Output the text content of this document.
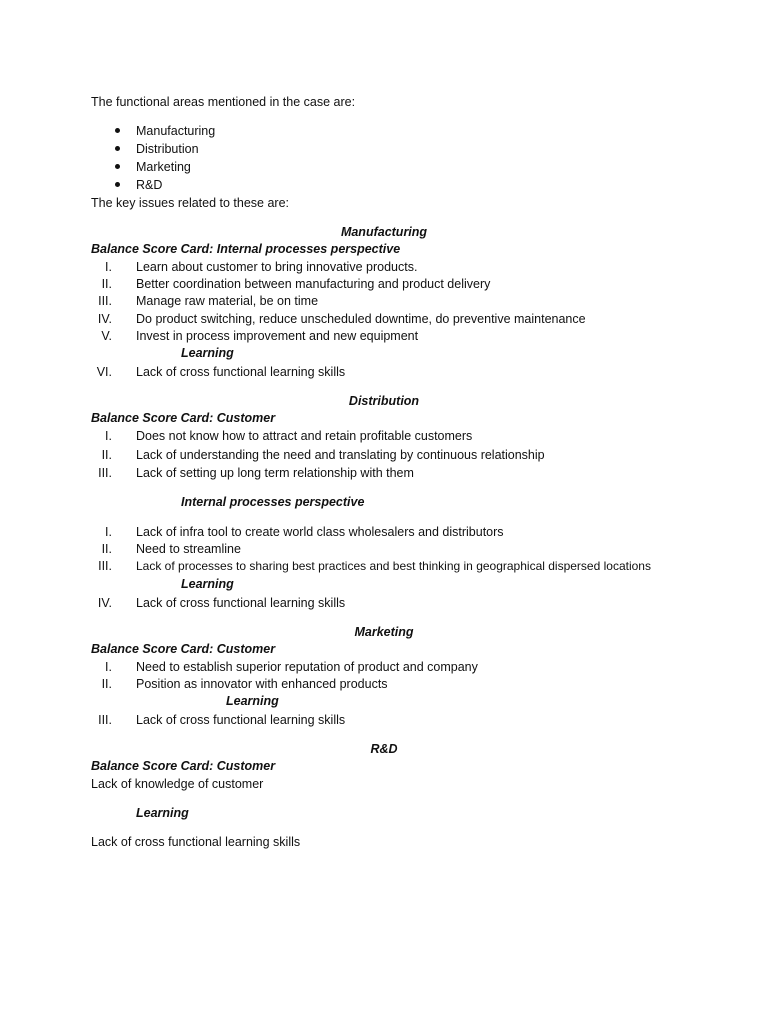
The functional areas mentioned in the case are:

Manufacturing

Distribution

Marketing

R&D

The key issues related to these are:

Manufacturing

Balance Score Card: Internal processes perspective

I. Learn about customer to bring innovative products.

II. Better coordination between manufacturing and product delivery

III. Manage raw material, be on time

IV. Do product switching, reduce unscheduled downtime, do preventive maintenance

V. Invest in process improvement and new equipment

Learning

VI. Lack of cross functional learning skills

Distribution

Balance Score Card: Customer

I. Does not know how to attract and retain profitable customers

II. Lack of understanding the need and translating by continuous relationship

III. Lack of setting up long term relationship with them

Internal processes perspective

I. Lack of infra tool to create world class wholesalers and distributors

II. Need to streamline

III. Lack of processes to sharing best practices and best thinking in geographical dispersed locations

Learning

IV. Lack of cross functional learning skills

Marketing

Balance Score Card: Customer

I. Need to establish superior reputation of product and company

II. Position as innovator with enhanced products

Learning

III. Lack of cross functional learning skills

R&D

Balance Score Card: Customer

Lack of knowledge of customer

Learning

Lack of cross functional learning skills
